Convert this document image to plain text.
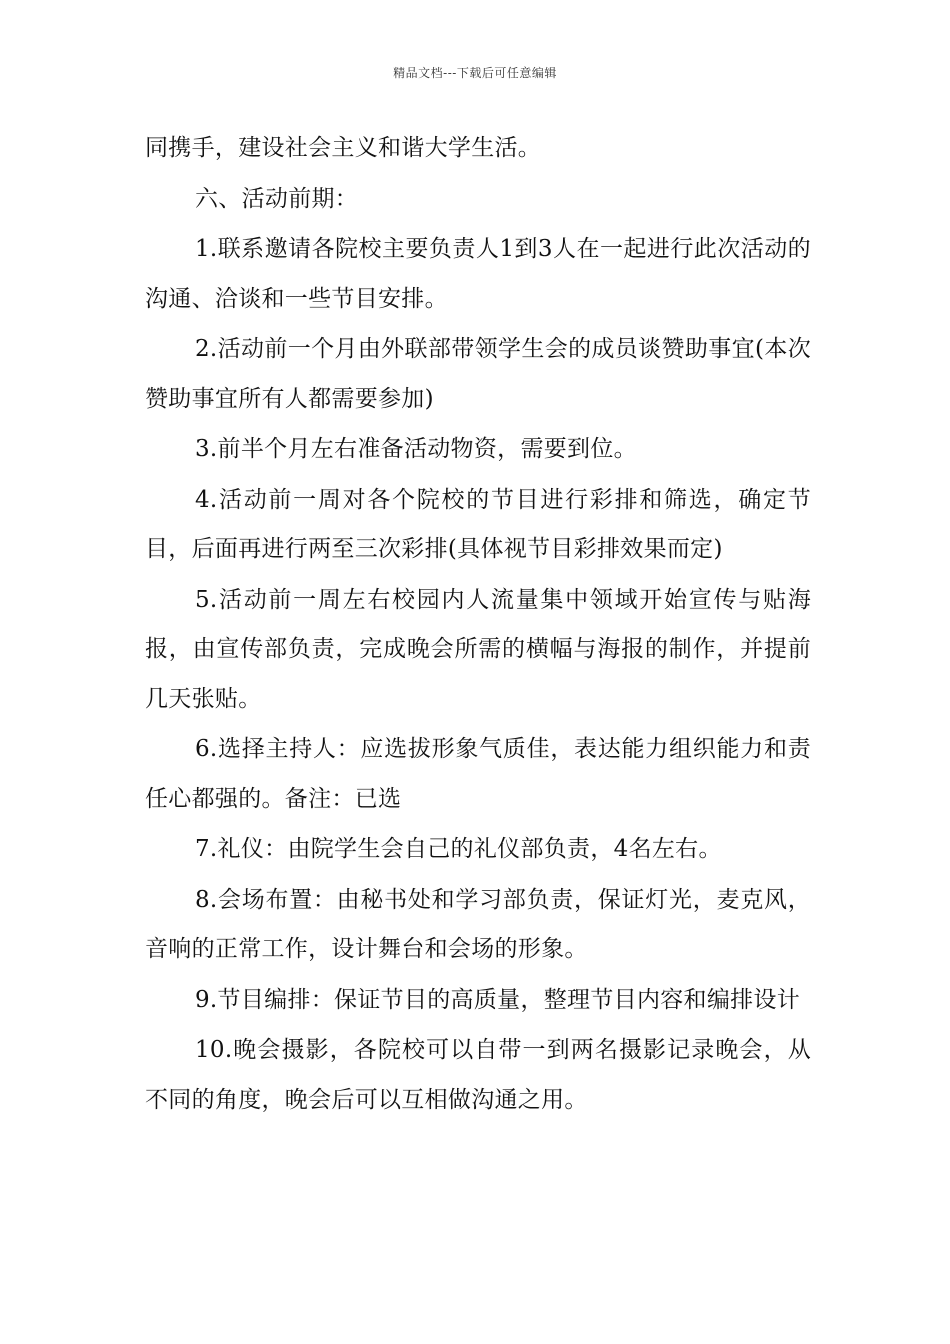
精品文档---下载后可任意编辑

同携手，建设社会主义和谐大学生活。

六、活动前期：

1.联系邀请各院校主要负责人1到3人在一起进行此次活动的沟通、洽谈和一些节目安排。

2.活动前一个月由外联部带领学生会的成员谈赞助事宜(本次赞助事宜所有人都需要参加)

3.前半个月左右准备活动物资，需要到位。

4.活动前一周对各个院校的节目进行彩排和筛选，确定节目，后面再进行两至三次彩排(具体视节目彩排效果而定)

5.活动前一周左右校园内人流量集中领域开始宣传与贴海报，由宣传部负责，完成晚会所需的横幅与海报的制作，并提前几天张贴。

6.选择主持人：应选拔形象气质佳，表达能力组织能力和责任心都强的。备注：已选

7.礼仪：由院学生会自己的礼仪部负责，4名左右。

8.会场布置：由秘书处和学习部负责，保证灯光，麦克风，音响的正常工作，设计舞台和会场的形象。

9.节目编排：保证节目的高质量，整理节目内容和编排设计

10.晚会摄影，各院校可以自带一到两名摄影记录晚会，从不同的角度，晚会后可以互相做沟通之用。
